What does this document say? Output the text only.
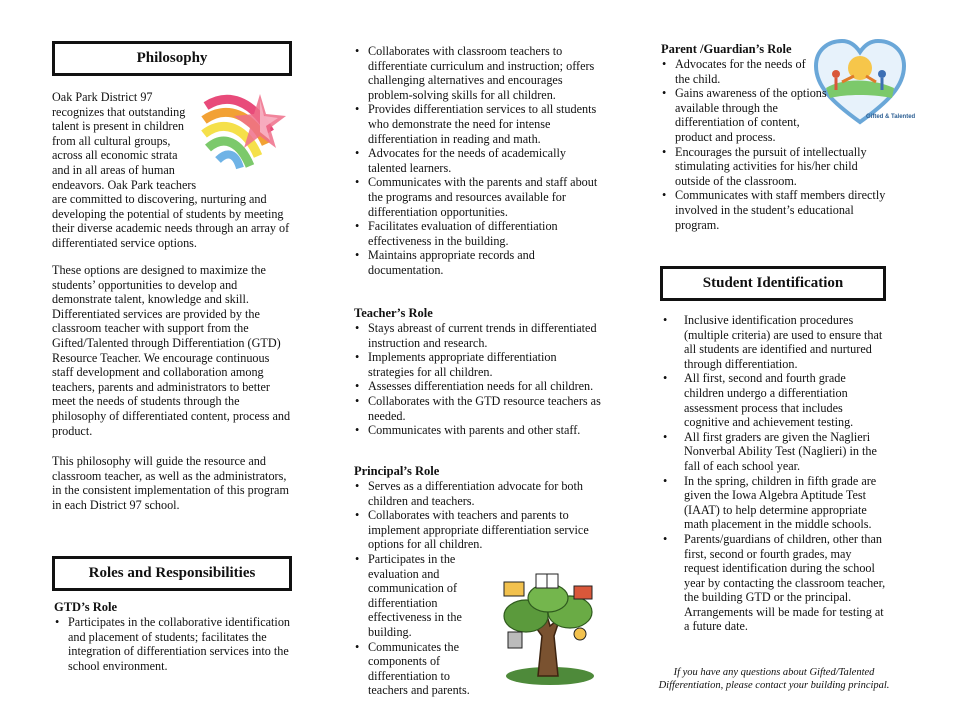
Philosophy

Oak Park District 97 recognizes that outstanding talent is present in children from all cultural groups, across all economic strata and in all areas of human endeavors. Oak Park teachers are committed to discovering, nurturing and developing the potential of students by meeting their diverse academic needs through an array of differentiated service options.

These options are designed to maximize the students’ opportunities to develop and demonstrate talent, knowledge and skill. Differentiated services are provided by the classroom teacher with support from the Gifted/Talented through Differentiation (GTD) Resource Teacher. We encourage continuous staff development and collaboration among teachers, parents and administrators to better meet the needs of students through the philosophy of differentiated content, process and product.

This philosophy will guide the resource and classroom teacher, as well as the administrators, in the consistent implementation of this program in each District 97 school.

Roles and Responsibilities
GTD’s Role
• Participates in the collaborative identification and placement of students; facilitates the integration of differentiation services into the school environment.
• Collaborates with classroom teachers to differentiate curriculum and instruction; offers challenging alternatives and encourages problem-solving skills for all children.
• Provides differentiation services to all students who demonstrate the need for intense differentiation in reading and math.
• Advocates for the needs of academically talented learners.
• Communicates with the parents and staff about the programs and resources available for differentiation opportunities.
• Facilitates evaluation of differentiation effectiveness in the building.
• Maintains appropriate records and documentation.
Teacher’s Role
• Stays abreast of current trends in differentiated instruction and research.
• Implements appropriate differentiation strategies for all children.
• Assesses differentiation needs for all children.
• Collaborates with the GTD resource teachers as needed.
• Communicates with parents and other staff.
Principal’s Role
• Serves as a differentiation advocate for both children and teachers.
• Collaborates with teachers and parents to implement appropriate differentiation service options for all children.
• Participates in the evaluation and communication of differentiation effectiveness in the building.
• Communicates the components of differentiation to teachers and parents.
Parent /Guardian’s Role
Gifted & Talented
• Advocates for the needs of the child.
• Gains awareness of the options available through the differentiation of content, product and process.
• Encourages the pursuit of intellectually stimulating activities for his/her child outside of the classroom.
• Communicates with staff members directly involved in the student’s educational program.
Student Identification
• Inclusive identification procedures (multiple criteria) are used to ensure that all students are identified and nurtured through differentiation.
• All first, second and fourth grade children undergo a differentiation assessment process that includes cognitive and achievement testing.
• All first graders are given the Naglieri Nonverbal Ability Test (Naglieri) in the fall of each school year.
• In the spring, children in fifth grade are given the Iowa Algebra Aptitude Test (IAAT) to help determine appropriate math placement in the middle schools.
• Parents/guardians of children, other than first, second or fourth grades, may request identification during the school year by contacting the classroom teacher, the building GTD or the principal. Arrangements will be made for testing at a future date.

If you have any questions about Gifted/Talented Differentiation, please contact your building principal.
